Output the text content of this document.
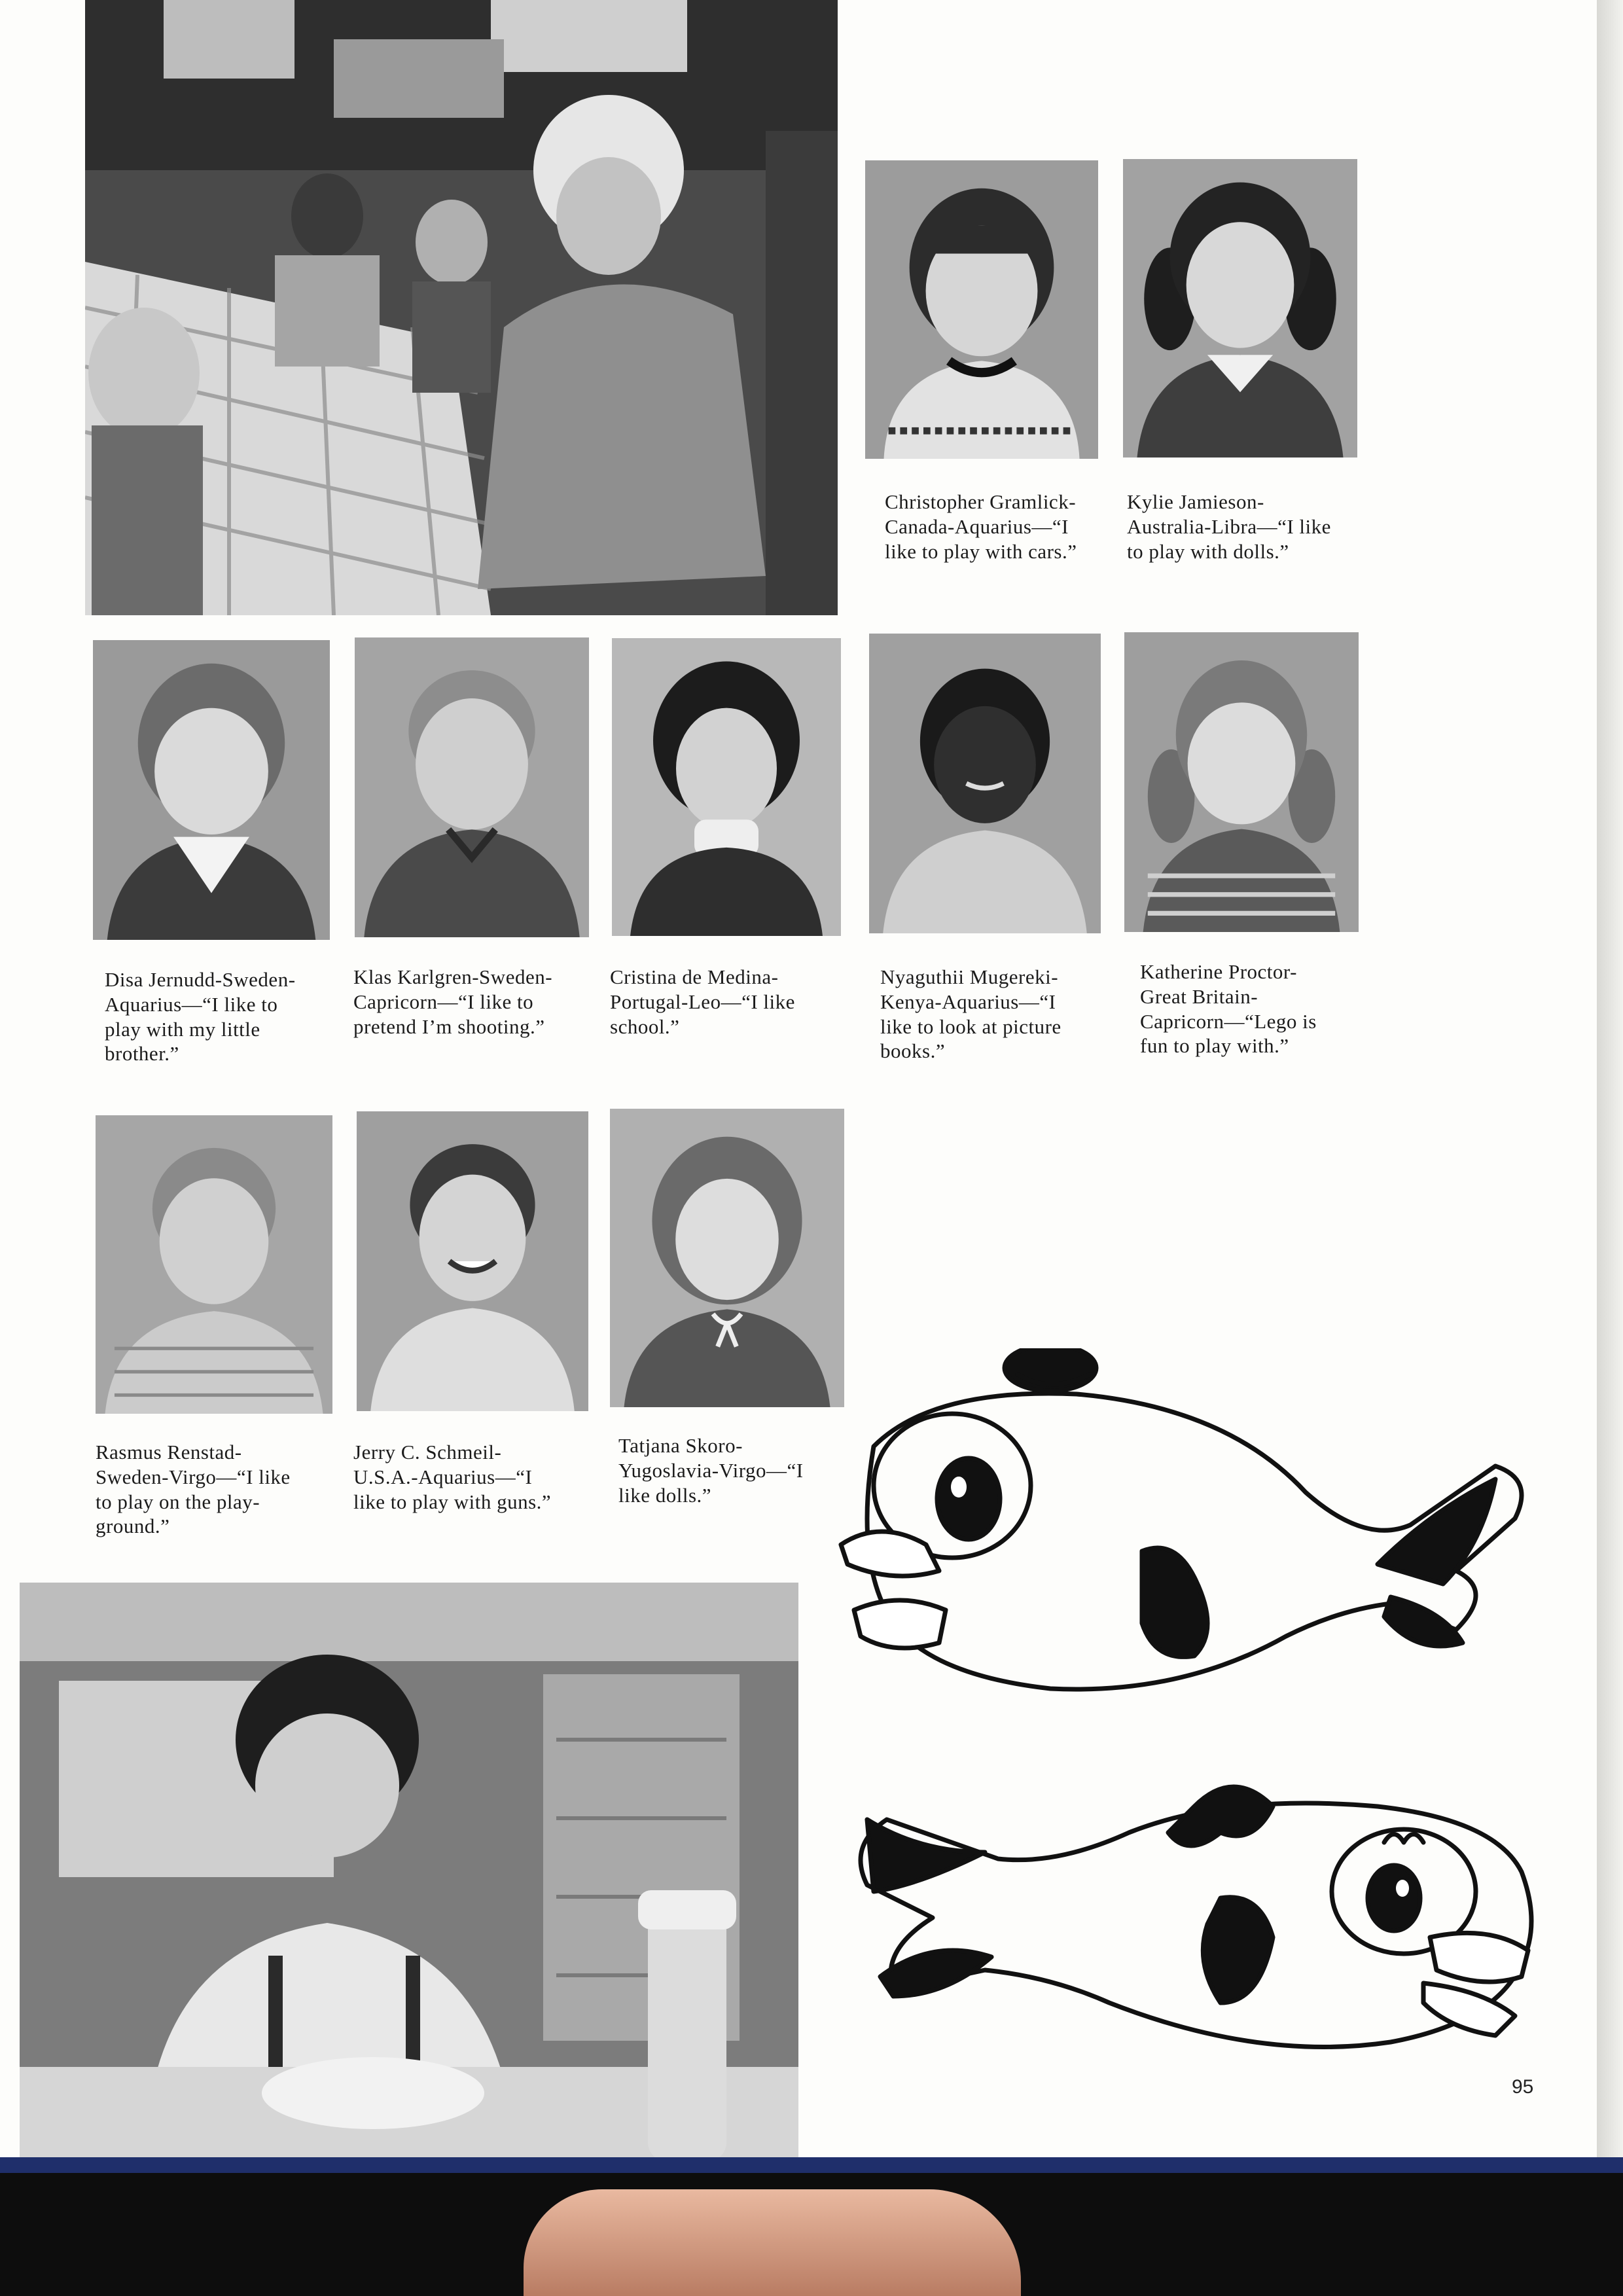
Christopher Gramlick-
Canada-Aquarius—“I
like to play with cars.”

Kylie Jamieson-
Australia-Libra—“I like
to play with dolls.”

Disa Jernudd-Sweden-
Aquarius—“I like to
play with my little
brother.”

Klas Karlgren-Sweden-
Capricorn—“I like to
pretend I’m shooting.”

Cristina de Medina-
Portugal-Leo—“I like
school.”

Nyaguthii Mugereki-
Kenya-Aquarius—“I
like to look at picture
books.”

Katherine Proctor-
Great Britain-
Capricorn—“Lego is
fun to play with.”

Rasmus Renstad-
Sweden-Virgo—“I like
to play on the play-
ground.”

Jerry C. Schmeil-
U.S.A.-Aquarius—“I
like to play with guns.”

Tatjana Skoro-
Yugoslavia-Virgo—“I
like dolls.”

95
